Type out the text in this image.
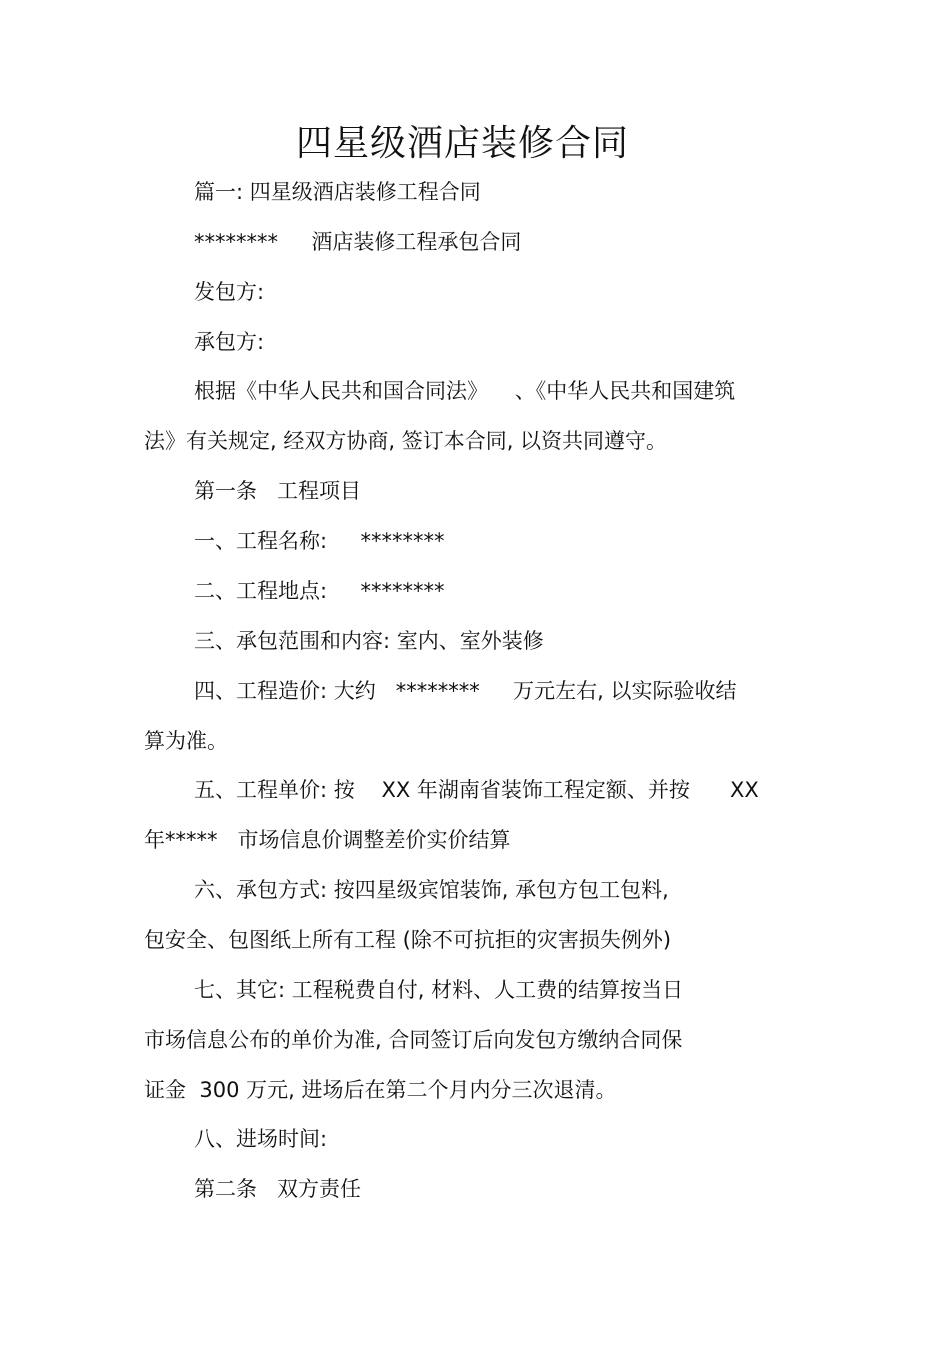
四星级酒店装修合同
篇一: 四星级酒店装修工程合同
********     酒店装修工程承包合同
发包方:
承包方:
根据《中华人民共和国合同法》    、《中华人民共和国建筑
法》有关规定, 经双方协商, 签订本合同, 以资共同遵守。
第一条   工程项目
一、工程名称:     ********
二、工程地点:     ********
三、承包范围和内容: 室内、室外装修
四、工程造价: 大约   ********     万元左右, 以实际验收结
算为准。
五、工程单价: 按    XX 年湖南省装饰工程定额、并按      XX
年*****   市场信息价调整差价实价结算
六、承包方式: 按四星级宾馆装饰, 承包方包工包料,
包安全、包图纸上所有工程 (除不可抗拒的灾害损失例外)
七、其它: 工程税费自付, 材料、人工费的结算按当日
市场信息公布的单价为准, 合同签订后向发包方缴纳合同保
证金  300 万元, 进场后在第二个月内分三次退清。
八、进场时间:
第二条   双方责任
